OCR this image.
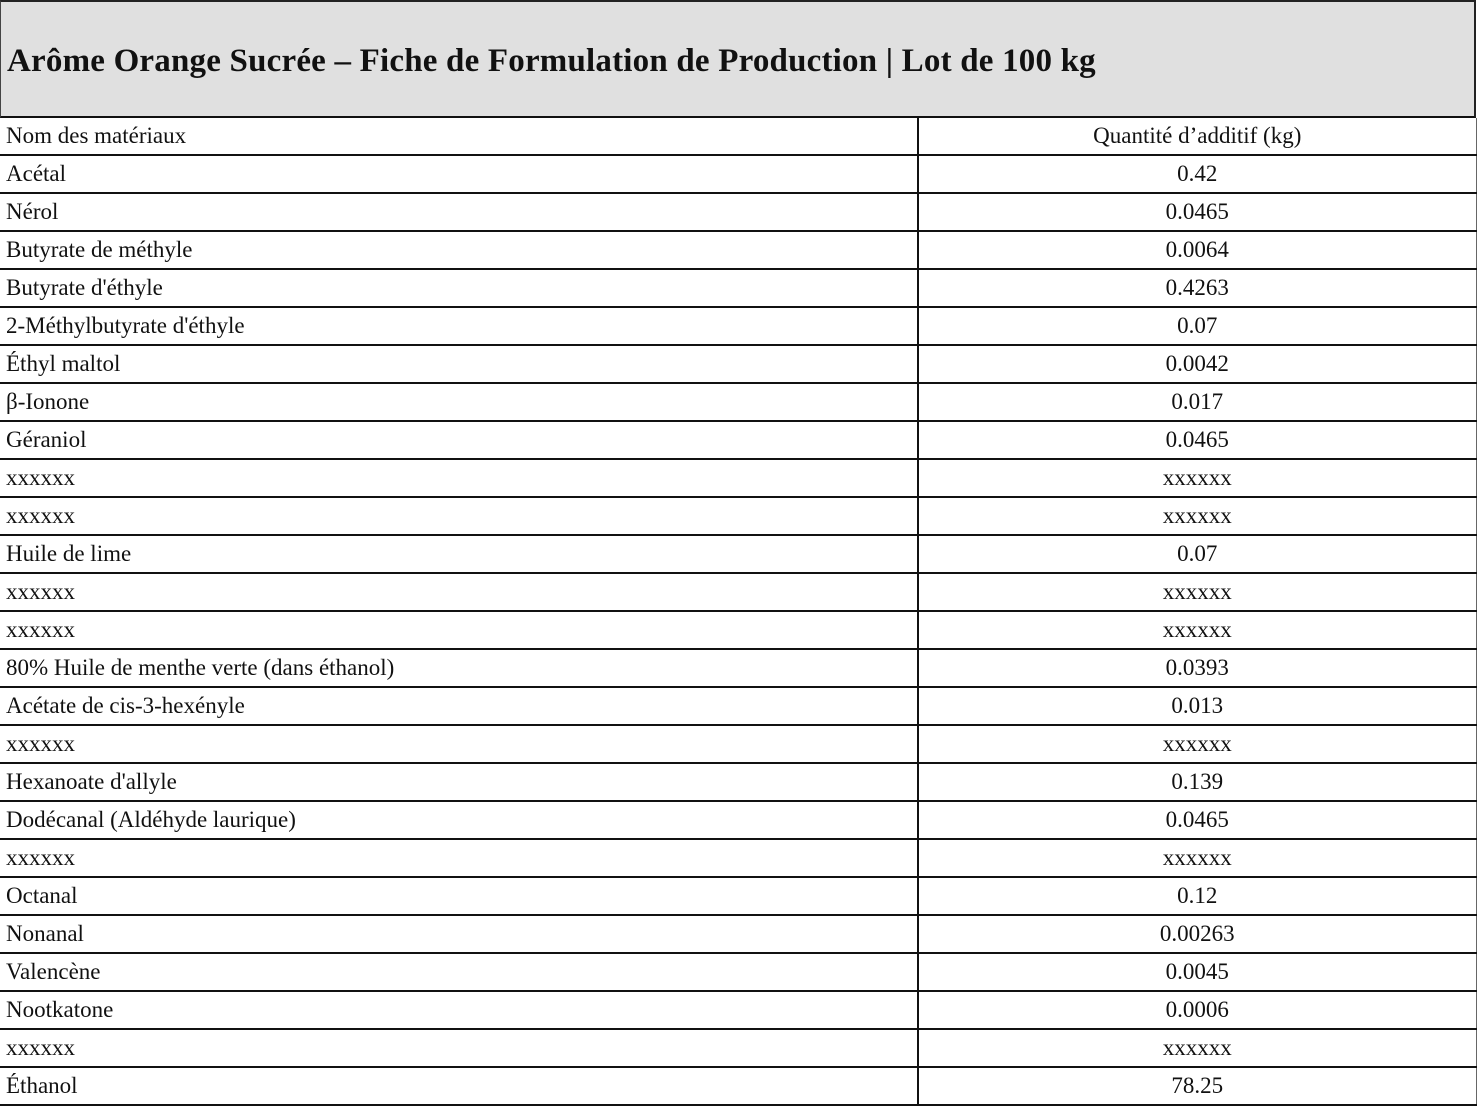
Arôme Orange Sucrée – Fiche de Formulation de Production | Lot de 100 kg
Nom des matériaux	Quantité d’additif (kg)
Acétal	0.42
Nérol	0.0465
Butyrate de méthyle	0.0064
Butyrate d'éthyle	0.4263
2-Méthylbutyrate d'éthyle	0.07
Éthyl maltol	0.0042
β-Ionone	0.017
Géraniol	0.0465
xxxxxx	xxxxxx
xxxxxx	xxxxxx
Huile de lime	0.07
xxxxxx	xxxxxx
xxxxxx	xxxxxx
80% Huile de menthe verte (dans éthanol)	0.0393
Acétate de cis-3-hexényle	0.013
xxxxxx	xxxxxx
Hexanoate d'allyle	0.139
Dodécanal (Aldéhyde laurique)	0.0465
xxxxxx	xxxxxx
Octanal	0.12
Nonanal	0.00263
Valencène	0.0045
Nootkatone	0.0006
xxxxxx	xxxxxx
Éthanol	78.25
